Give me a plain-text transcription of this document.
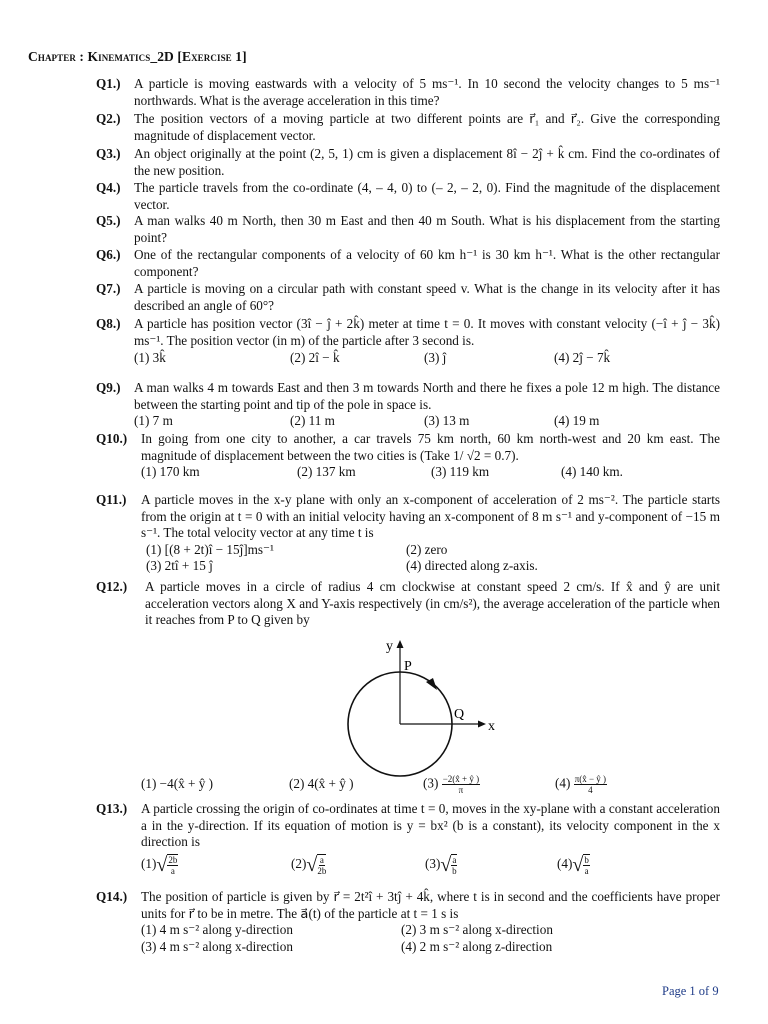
Chapter : Kinematics_2D [Exercise 1]
Q1.)	A particle is moving eastwards with a velocity of 5 ms⁻¹. In 10 second the velocity changes to 5 ms⁻¹ northwards. What is the average acceleration in this time?
Q2.)	The position vectors of a moving particle at two different points are r⃗₁ and r⃗₂. Give the corresponding magnitude of displacement vector.
Q3.)	An object originally at the point (2, 5, 1) cm is given a displacement 8î − 2ĵ + k̂ cm. Find the co-ordinates of the new position.
Q4.)	The particle travels from the co-ordinate (4, – 4, 0) to (– 2, – 2, 0). Find the magnitude of the displacement vector.
Q5.)	A man walks 40 m North, then 30 m East and then 40 m South. What is his displacement from the starting point?
Q6.)	One of the rectangular components of a velocity of 60 km h⁻¹ is 30 km h⁻¹. What is the other rectangular component?
Q7.)	A particle is moving on a circular path with constant speed v. What is the change in its velocity after it has described an angle of 60°?
Q8.)	A particle has position vector (3î − ĵ + 2k̂) meter at time t = 0. It moves with constant velocity (−î + ĵ − 3k̂) ms⁻¹. The position vector (in m) of the particle after 3 second is.
(1) 3k̂	(2) 2î − k̂	(3) ĵ	(4) 2ĵ − 7k̂
Q9.)	A man walks 4 m towards East and then 3 m towards North and there he fixes a pole 12 m high. The distance between the starting point and tip of the pole in space is.
(1) 7 m	(2) 11 m	(3) 13 m	(4) 19 m
Q10.)	In going from one city to another, a car travels 75 km north, 60 km north-west and 20 km east. The magnitude of displacement between the two cities is (Take 1/ √2 = 0.7).
(1) 170 km	(2) 137 km	(3) 119 km	(4) 140 km.
Q11.)	A particle moves in the x-y plane with only an x-component of acceleration of 2 ms⁻². The particle starts from the origin at t = 0 with an initial velocity having an x-component of 8 m s⁻¹ and y-component of −15 m s⁻¹. The total velocity vector at any time t is
(1) [(8 + 2t)î − 15ĵ]ms⁻¹	(2) zero
(3) 2tî + 15 ĵ	(4) directed along z-axis.
Q12.)	A particle moves in a circle of radius 4 cm clockwise at constant speed 2 cm/s. If x̂ and ŷ are unit acceleration vectors along X and Y-axis respectively (in cm/s²), the average acceleration of the particle when it reaches from P to Q given by
y
x
P
Q
(1) −4(x̂ + ŷ )	(2) 4(x̂ + ŷ )	$(3) \frac{-2(x̂ + ŷ )}{\pi}$	$(4) \frac{\pi(x̂ - ŷ )}{4}$
Q13.)	A particle crossing the origin of co-ordinates at time t = 0, moves in the xy-plane with a constant acceleration a in the y-direction. If its equation of motion is y = bx² (b is a constant), its velocity component in the x direction is
$(1)√ \frac{2b}{a}$	$(2)√ \frac{a}{2b}$	$(3)√ \frac{a}{b}$	$(4)√ \frac{b}{a}$
Q14.)	The position of particle is given by r⃗ = 2t²î + 3tĵ + 4k̂, where t is in second and the coefficients have proper units for r⃗ to be in metre. The a⃗(t) of the particle at t = 1 s is
(1) 4 m s⁻² along y-direction	(2) 3 m s⁻² along x-direction
(3) 4 m s⁻² along x-direction	(4) 2 m s⁻² along z-direction
Page 1 of 9
